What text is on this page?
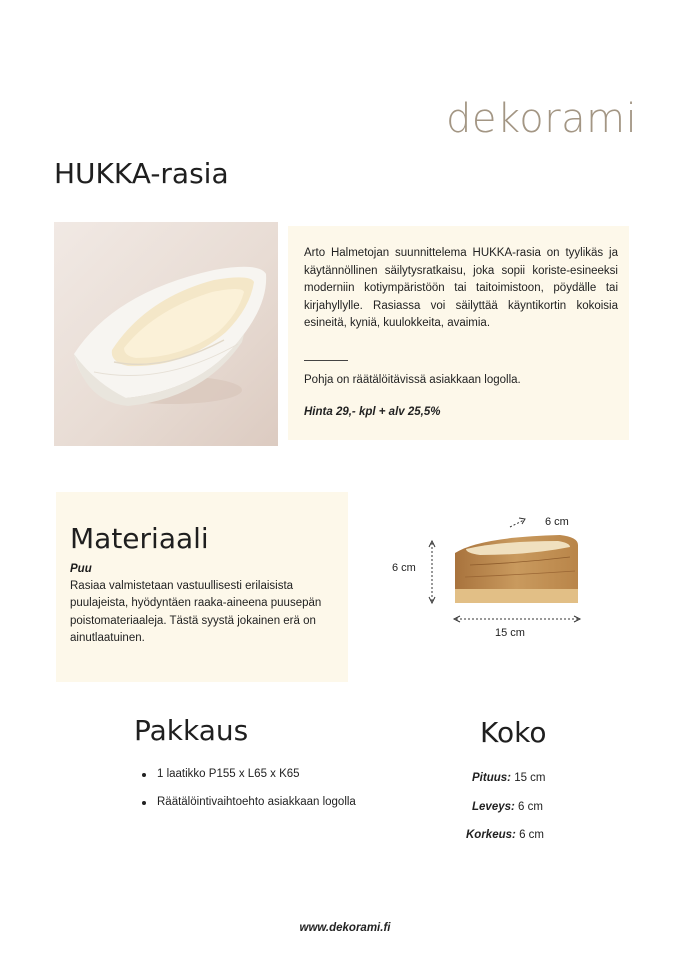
dekorami
HUKKA-rasia
Arto Halmetojan suunnittelema HUKKA-rasia on tyylikäs ja käytännöllinen säilytysratkaisu, joka sopii koriste-esineeksi moderniin kotiympäristöön tai taitoimistoon, pöydälle tai kirjahyllylle. Rasiassa voi säilyttää käyntikortin kokoisia esineitä, kyniä, kuulokkeita, avaimia.
Pohja on räätälöitävissä asiakkaan logolla.
Hinta 29,- kpl + alv 25,5%
Materiaali
Puu
Rasiaa valmistetaan vastuullisesti erilaisista puulajeista, hyödyntäen raaka-aineena puusepän poistomateriaaleja. Tästä syystä jokainen erä on ainutlaatuinen.
6 cm
6 cm
15 cm
Pakkaus
1 laatikko P155 x L65 x K65
Räätälöintivaihtoehto asiakkaan logolla
Koko
Pituus: 15 cm
Leveys: 6 cm
Korkeus: 6 cm
www.dekorami.fi
